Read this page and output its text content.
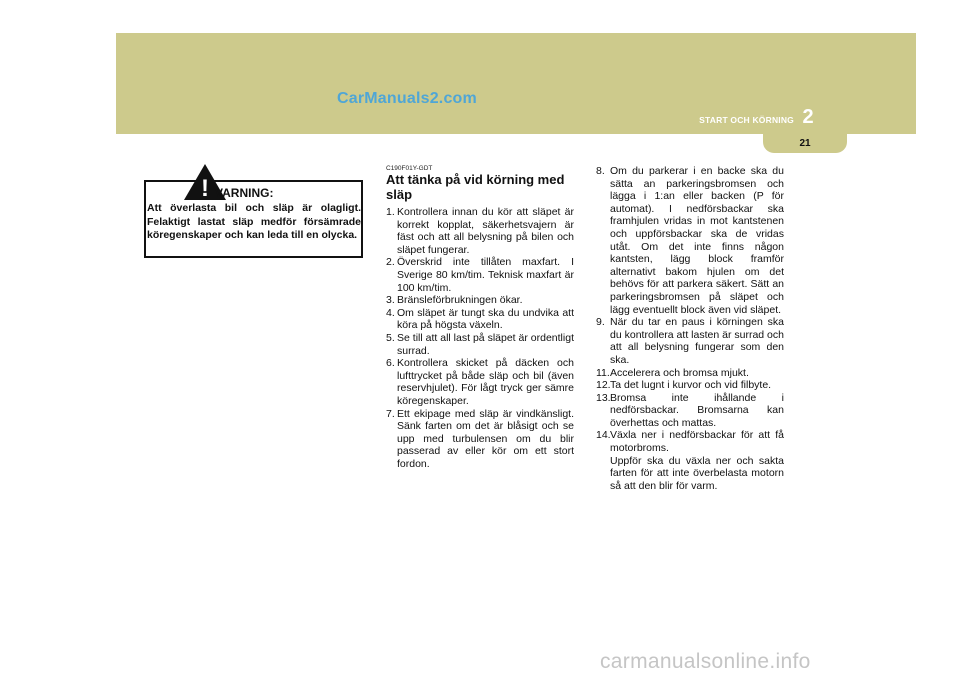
CarManuals2.com
2
START OCH KÖRNING
21
! VARNING:
Att överlasta bil och släp är olagligt. Felaktigt lastat släp medför försämrade köregenskaper och kan leda till en olycka.
C190F01Y-GDT
Att tänka på vid körning med släp
1. Kontrollera innan du kör att släpet är korrekt kopplat, säkerhetsvajern är fäst och att all belysning på bilen och släpet fungerar.
2. Överskrid inte tillåten maxfart. I Sverige 80 km/tim. Teknisk maxfart är 100 km/tim.
3. Bränsleförbrukningen ökar.
4. Om släpet är tungt ska du undvika att köra på högsta växeln.
5. Se till att all last på släpet är ordentligt surrad.
6. Kontrollera skicket på däcken och lufttrycket på både släp och bil (även reservhjulet). För lågt tryck ger sämre köregenskaper.
7. Ett ekipage med släp är vindkänsligt. Sänk farten om det är blåsigt och se upp med turbulensen om du blir passerad av eller kör om ett stort fordon.
8. Om du parkerar i en backe ska du sätta an parkeringsbromsen och lägga i 1:an eller backen (P för automat). I nedförsbackar ska framhjulen vridas in mot kantstenen och uppförsbackar ska de vridas utåt. Om det inte finns någon kantsten, lägg block framför alternativt bakom hjulen om det behövs för att parkera säkert. Sätt an parkeringsbromsen på släpet och lägg eventuellt block även vid släpet.
9. När du tar en paus i körningen ska du kontrollera att lasten är surrad och att all belysning fungerar som den ska.
11. Accelerera och bromsa mjukt.
12. Ta det lugnt i kurvor och vid filbyte.
13. Bromsa inte ihållande i nedförsbackar. Bromsarna kan överhettas och mattas.
14. Växla ner i nedförsbackar för att få motorbroms.
Uppför ska du växla ner och sakta farten för att inte överbelasta motorn så att den blir för varm.
carmanualsonline.info
